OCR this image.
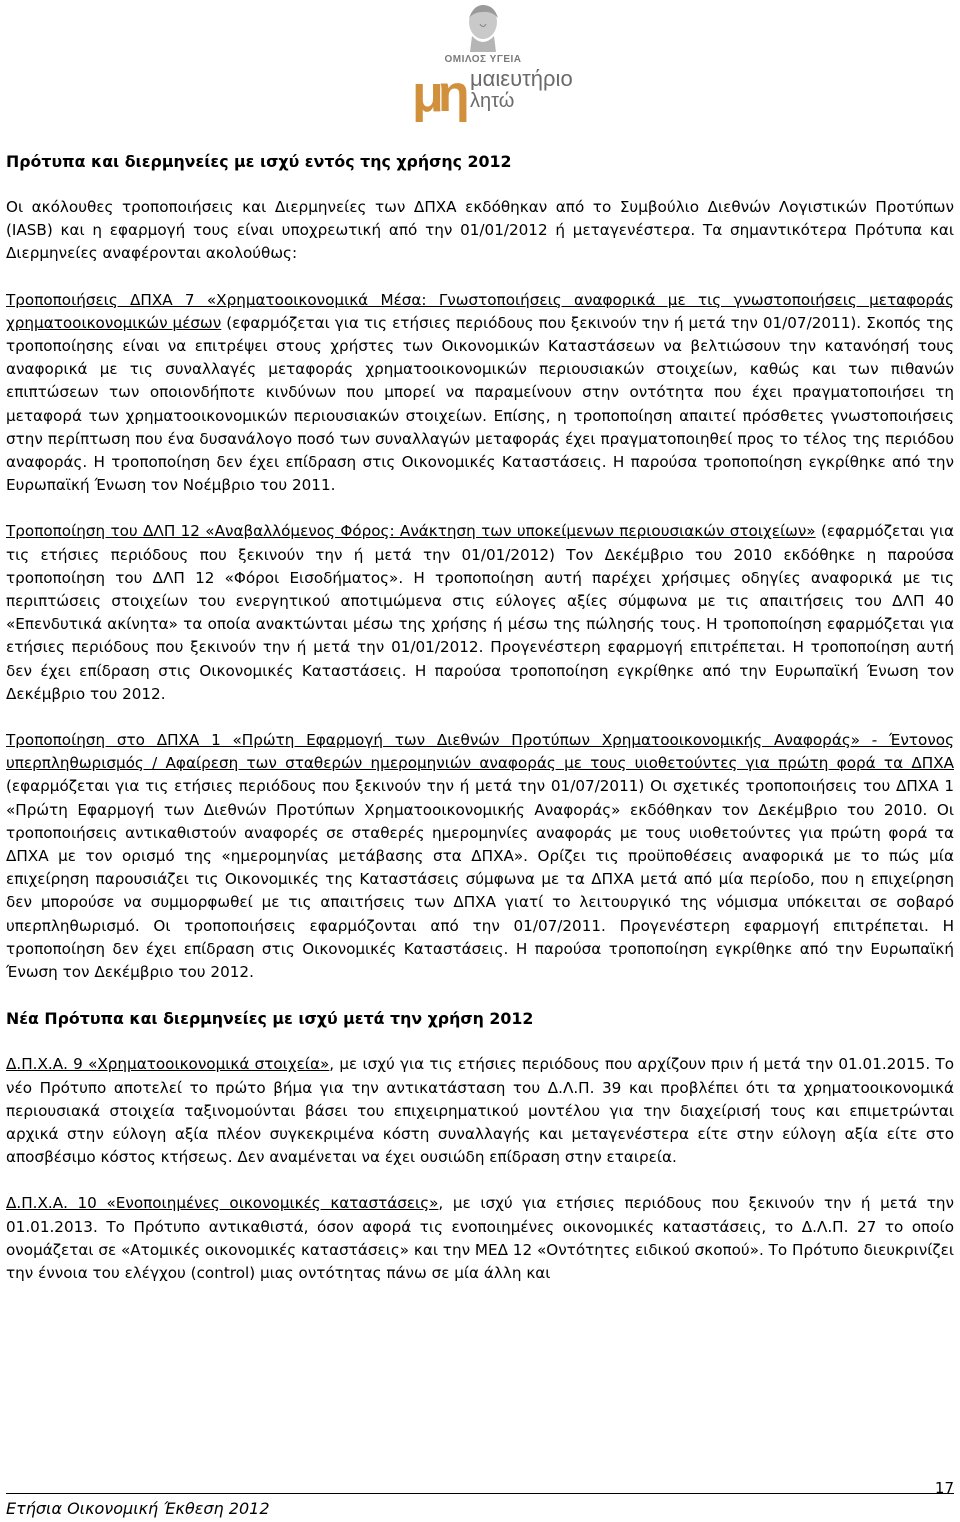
ΟΜΙΛΟΣ ΥΓΕΙΑ
μη μαιευτήριο
λητώ
Πρότυπα και διερμηνείες με ισχύ εντός της χρήσης 2012

Οι ακόλουθες τροποποιήσεις και Διερμηνείες των ΔΠΧΑ εκδόθηκαν από το Συμβούλιο Διεθνών Λογιστικών Προτύπων (IASB) και η εφαρμογή τους είναι υποχρεωτική από την 01/01/2012 ή μεταγενέστερα. Τα σημαντικότερα Πρότυπα και Διερμηνείες αναφέρονται ακολούθως:

Τροποποιήσεις ΔΠΧΑ 7 «Χρηματοοικονομικά Μέσα: Γνωστοποιήσεις αναφορικά με τις γνωστοποιήσεις μεταφοράς χρηματοοικονομικών μέσων (εφαρμόζεται για τις ετήσιες περιόδους που ξεκινούν την ή μετά την 01/07/2011). Σκοπός της τροποποίησης είναι να επιτρέψει στους χρήστες των Οικονομικών Καταστάσεων να βελτιώσουν την κατανόησή τους αναφορικά με τις συναλλαγές μεταφοράς χρηματοοικονομικών περιουσιακών στοιχείων, καθώς και των πιθανών επιπτώσεων των οποιονδήποτε κινδύνων που μπορεί να παραμείνουν στην οντότητα που έχει πραγματοποιήσει τη μεταφορά των χρηματοοικονομικών περιουσιακών στοιχείων. Επίσης, η τροποποίηση απαιτεί πρόσθετες γνωστοποιήσεις στην περίπτωση που ένα δυσανάλογο ποσό των συναλλαγών μεταφοράς έχει πραγματοποιηθεί προς το τέλος της περιόδου αναφοράς. Η τροποποίηση δεν έχει επίδραση στις Οικονομικές Καταστάσεις. Η παρούσα τροποποίηση εγκρίθηκε από την Ευρωπαϊκή Ένωση τον Νοέμβριο του 2011.

Τροποποίηση του ΔΛΠ 12 «Αναβαλλόμενος Φόρος: Ανάκτηση των υποκείμενων περιουσιακών στοιχείων» (εφαρμόζεται για τις ετήσιες περιόδους που ξεκινούν την ή μετά την 01/01/2012) Τον Δεκέμβριο του 2010 εκδόθηκε η παρούσα τροποποίηση του ΔΛΠ 12 «Φόροι Εισοδήματος». Η τροποποίηση αυτή παρέχει χρήσιμες οδηγίες αναφορικά με τις περιπτώσεις στοιχείων του ενεργητικού αποτιμώμενα στις εύλογες αξίες σύμφωνα με τις απαιτήσεις του ΔΛΠ 40 «Επενδυτικά ακίνητα» τα οποία ανακτώνται μέσω της χρήσης ή μέσω της πώλησής τους. Η τροποποίηση εφαρμόζεται για ετήσιες περιόδους που ξεκινούν την ή μετά την 01/01/2012. Προγενέστερη εφαρμογή επιτρέπεται. Η τροποποίηση αυτή δεν έχει επίδραση στις Οικονομικές Καταστάσεις. Η παρούσα τροποποίηση εγκρίθηκε από την Ευρωπαϊκή Ένωση τον Δεκέμβριο του 2012.

Τροποποίηση στο ΔΠΧΑ 1 «Πρώτη Εφαρμογή των Διεθνών Προτύπων Χρηματοοικονομικής Αναφοράς» - Έντονος υπερπληθωρισμός / Αφαίρεση των σταθερών ημερομηνιών αναφοράς με τους υιοθετούντες για πρώτη φορά τα ΔΠΧΑ (εφαρμόζεται για τις ετήσιες περιόδους που ξεκινούν την ή μετά την 01/07/2011) Οι σχετικές τροποποιήσεις του ΔΠΧΑ 1 «Πρώτη Εφαρμογή των Διεθνών Προτύπων Χρηματοοικονομικής Αναφοράς» εκδόθηκαν τον Δεκέμβριο του 2010. Οι τροποποιήσεις αντικαθιστούν αναφορές σε σταθερές ημερομηνίες αναφοράς με τους υιοθετούντες για πρώτη φορά τα ΔΠΧΑ με τον ορισμό της «ημερομηνίας μετάβασης στα ΔΠΧΑ». Ορίζει τις προϋποθέσεις αναφορικά με το πώς μία επιχείρηση παρουσιάζει τις Οικονομικές της Καταστάσεις σύμφωνα με τα ΔΠΧΑ μετά από μία περίοδο, που η επιχείρηση δεν μπορούσε να συμμορφωθεί με τις απαιτήσεις των ΔΠΧΑ γιατί το λειτουργικό της νόμισμα υπόκειται σε σοβαρό υπερπληθωρισμό. Οι τροποποιήσεις εφαρμόζονται από την 01/07/2011. Προγενέστερη εφαρμογή επιτρέπεται. Η τροποποίηση δεν έχει επίδραση στις Οικονομικές Καταστάσεις. Η παρούσα τροποποίηση εγκρίθηκε από την Ευρωπαϊκή Ένωση τον Δεκέμβριο του 2012.

Νέα Πρότυπα και διερμηνείες με ισχύ μετά την χρήση 2012

Δ.Π.Χ.Α. 9 «Χρηματοοικονομικά στοιχεία», με ισχύ για τις ετήσιες περιόδους που αρχίζουν πριν ή μετά την 01.01.2015. Το νέο Πρότυπο αποτελεί το πρώτο βήμα για την αντικατάσταση του Δ.Λ.Π. 39 και προβλέπει ότι τα χρηματοοικονομικά περιουσιακά στοιχεία ταξινομούνται βάσει του επιχειρηματικού μοντέλου για την διαχείρισή τους και επιμετρώνται αρχικά στην εύλογη αξία πλέον συγκεκριμένα κόστη συναλλαγής και μεταγενέστερα είτε στην εύλογη αξία είτε στο αποσβέσιμο κόστος κτήσεως. Δεν αναμένεται να έχει ουσιώδη επίδραση στην εταιρεία.

Δ.Π.Χ.Α. 10 «Ενοποιημένες οικονομικές καταστάσεις», με ισχύ για ετήσιες περιόδους που ξεκινούν την ή μετά την 01.01.2013. Το Πρότυπο αντικαθιστά, όσον αφορά τις ενοποιημένες οικονομικές καταστάσεις, το Δ.Λ.Π. 27 το οποίο ονομάζεται σε «Ατομικές οικονομικές καταστάσεις» και την ΜΕΔ 12 «Οντότητες ειδικού σκοπού». Το Πρότυπο διευκρινίζει την έννοια του ελέγχου (control) μιας οντότητας πάνω σε μία άλλη και

17
Ετήσια Οικονομική Έκθεση 2012
